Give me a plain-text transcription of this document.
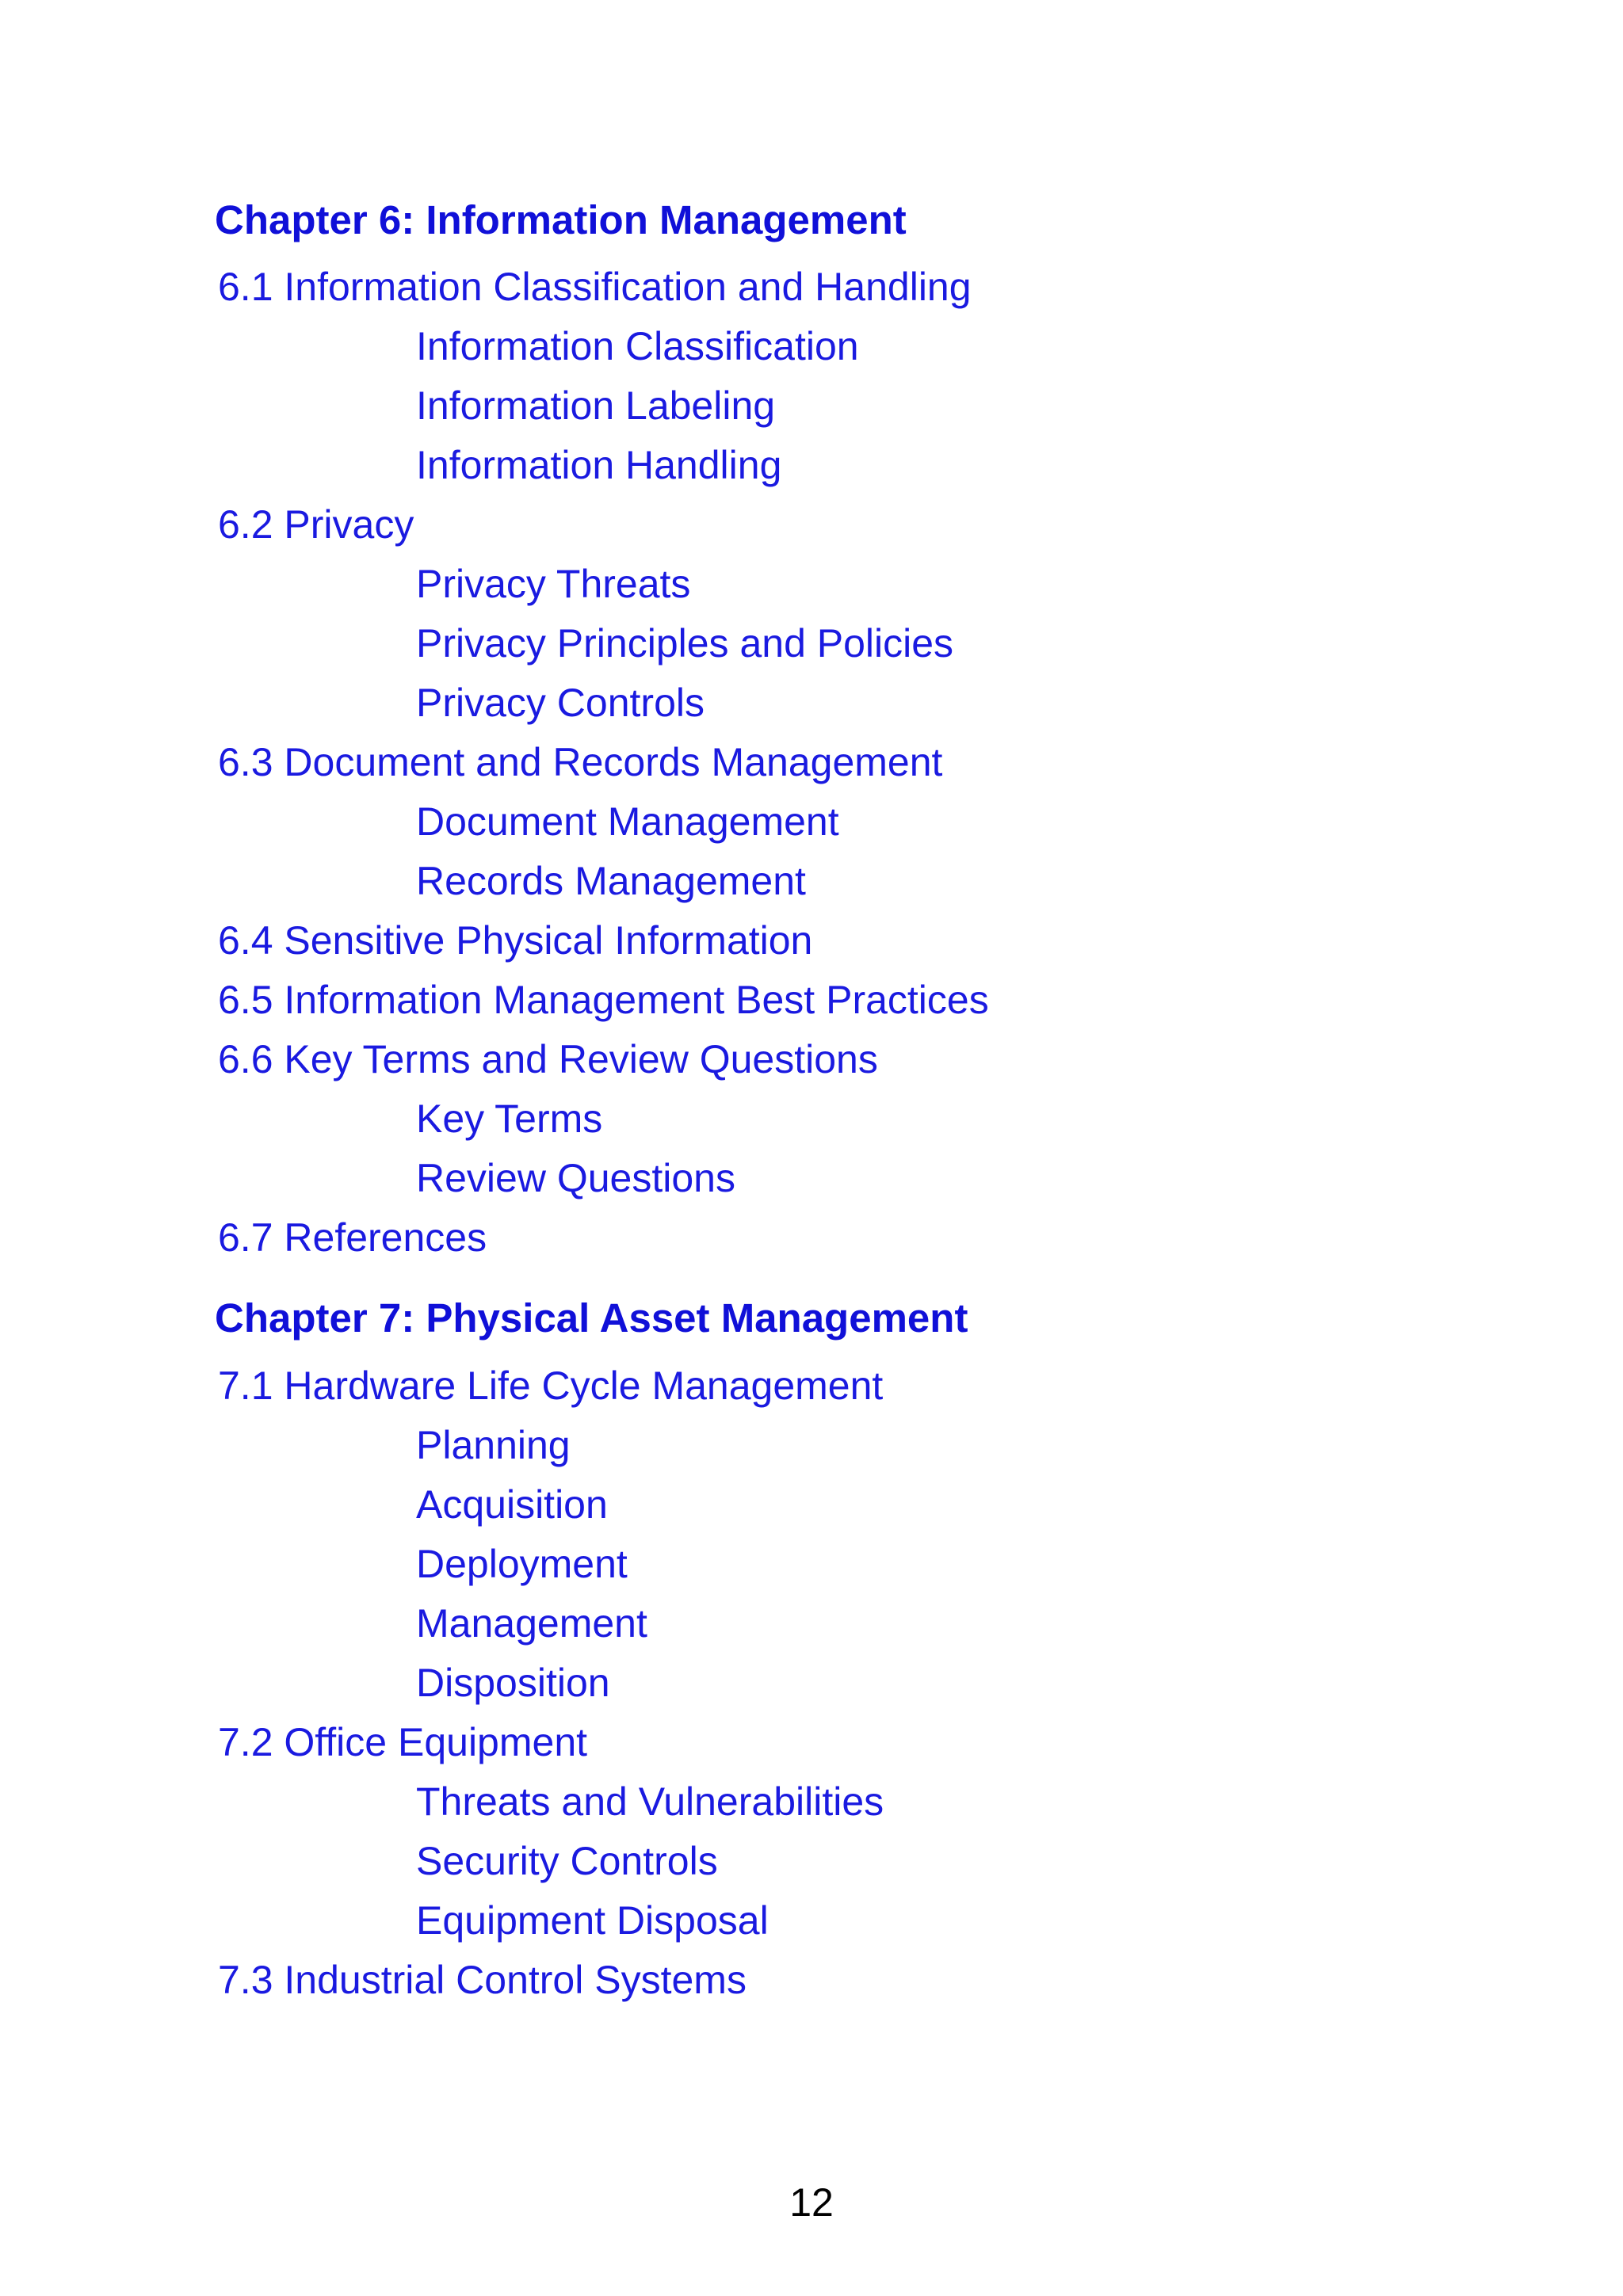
Chapter 6: Information Management
6.1 Information Classification and Handling
Information Classification
Information Labeling
Information Handling
6.2 Privacy
Privacy Threats
Privacy Principles and Policies
Privacy Controls
6.3 Document and Records Management
Document Management
Records Management
6.4 Sensitive Physical Information
6.5 Information Management Best Practices
6.6 Key Terms and Review Questions
Key Terms
Review Questions
6.7 References
Chapter 7: Physical Asset Management
7.1 Hardware Life Cycle Management
Planning
Acquisition
Deployment
Management
Disposition
7.2 Office Equipment
Threats and Vulnerabilities
Security Controls
Equipment Disposal
7.3 Industrial Control Systems
12
